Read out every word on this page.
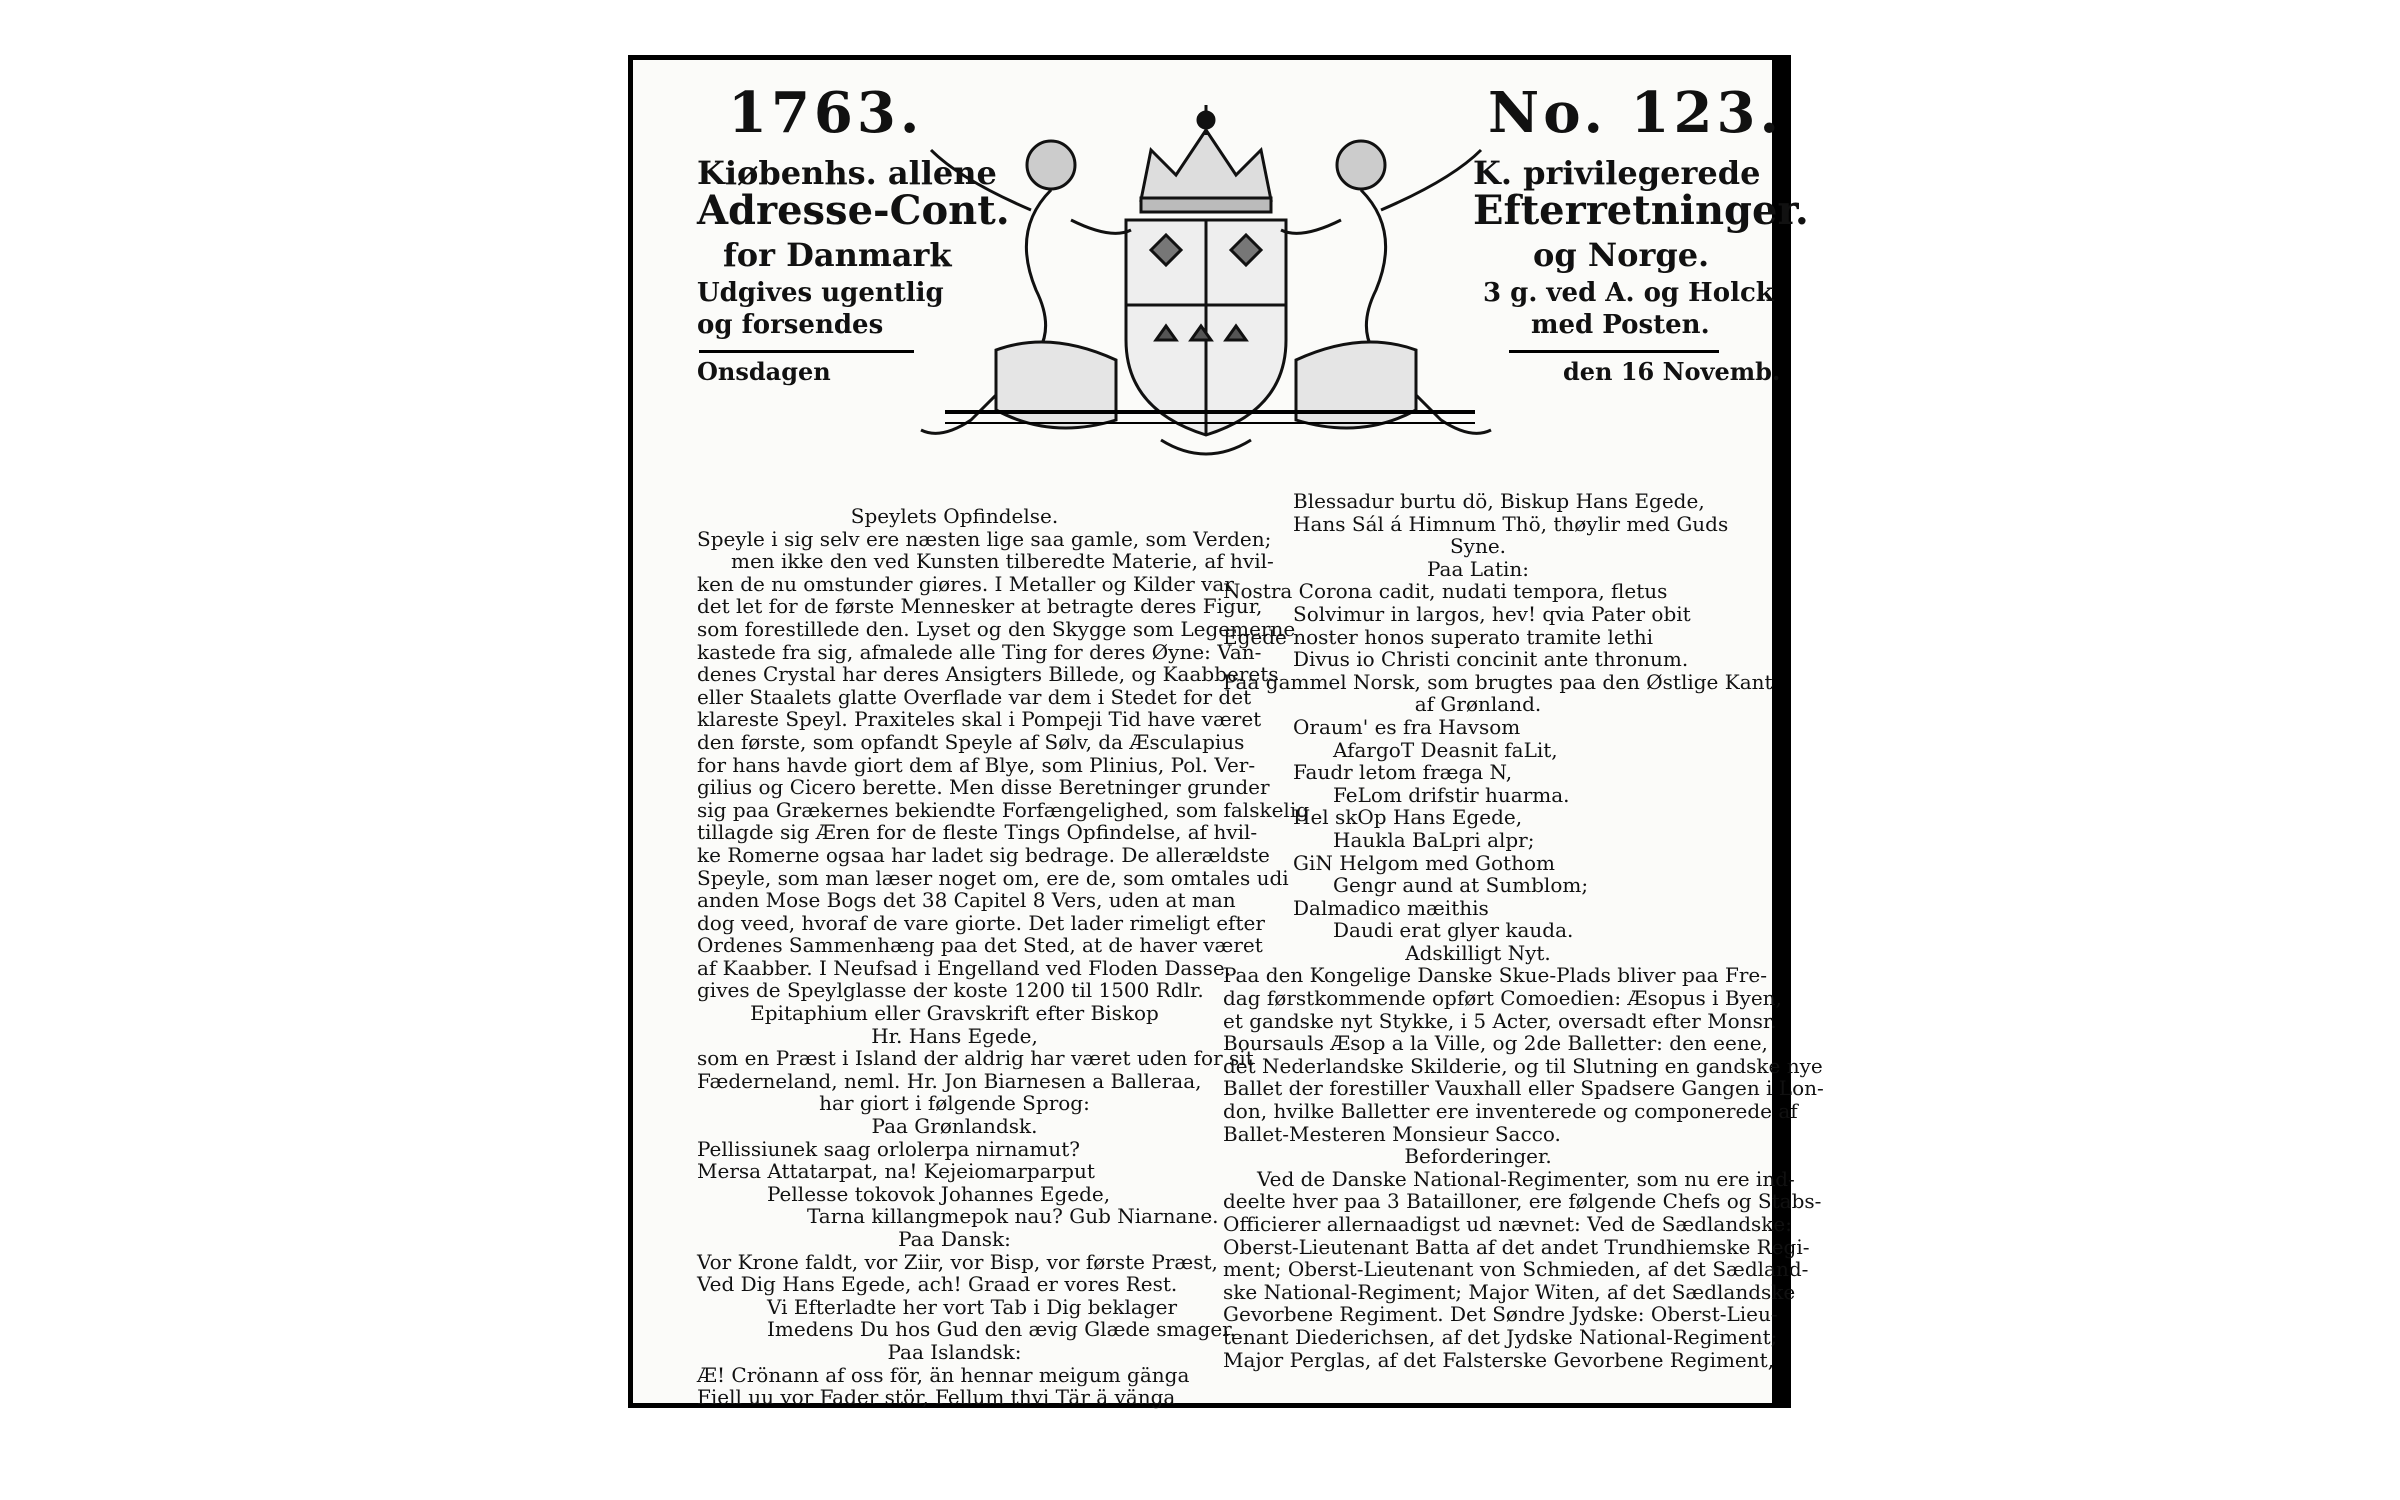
1763.	No. 123.
Kiøbenhs. allene
Adresse-Cont.
for Danmark
Udgives ugentlig
og forsendes
K. privilegerede
Efterretninger.
og Norge.
3 g. ved A. og Holck
med Posten.
Onsdagen	den 16 Novemb.

Speylets Opfindelse.

Speyle i sig selv ere næsten lige saa gamle, som Verden;

men ikke den ved Kunsten tilberedte Materie, af hvil-

ken de nu omstunder giøres. I Metaller og Kilder var

det let for de første Mennesker at betragte deres Figur,

som forestillede den. Lyset og den Skygge som Legemerne

kastede fra sig, afmalede alle Ting for deres Øyne: Van-

denes Crystal har deres Ansigters Billede, og Kaabberets

eller Staalets glatte Overflade var dem i Stedet for det

klareste Speyl. Praxiteles skal i Pompeji Tid have været

den første, som opfandt Speyle af Sølv, da Æsculapius

for hans havde giort dem af Blye, som Plinius, Pol. Ver-

gilius og Cicero berette. Men disse Beretninger grunder

sig paa Grækernes bekiendte Forfængelighed, som falskelig

tillagde sig Æren for de fleste Tings Opfindelse, af hvil-

ke Romerne ogsaa har ladet sig bedrage. De allerældste

Speyle, som man læser noget om, ere de, som omtales udi

anden Mose Bogs det 38 Capitel 8 Vers, uden at man

dog veed, hvoraf de vare giorte. Det lader rimeligt efter

Ordenes Sammenhæng paa det Sted, at de haver været

af Kaabber. I Neufsad i Engelland ved Floden Dasse,

gives de Speylglasse der koste 1200 til 1500 Rdlr.

Epitaphium eller Gravskrift efter Biskop

Hr. Hans Egede,

som en Præst i Island der aldrig har været uden for sit

Fæderneland, neml. Hr. Jon Biarnesen a Balleraa,

har giort i følgende Sprog:

Paa Grønlandsk.

Pellissiunek saag orlolerpa nirnamut?

Mersa Attatarpat, na! Kejeiomarparput

Pellesse tokovok Johannes Egede,

Tarna killangmepok nau? Gub Niarnane.

Paa Dansk:

Vor Krone faldt, vor Ziir, vor Bisp, vor første Præst,

Ved Dig Hans Egede, ach! Graad er vores Rest.

Vi Efterladte her vort Tab i Dig beklager

Imedens Du hos Gud den ævig Glæde smager.

Paa Islandsk:

Æ! Crönann af oss för, än hennar meigum gänga

Fiell uu vor Fader stör, Fellum thvi Tär ä vänga

Blessadur burtu dö, Biskup Hans Egede,

Hans Sál á Himnum Thö, thøylir med Guds

Syne.

Paa Latin:

Nostra Corona cadit, nudati tempora, fletus

Solvimur in largos, hev! qvia Pater obit

Egede noster honos superato tramite lethi

Divus io Christi concinit ante thronum.

Paa gammel Norsk, som brugtes paa den Østlige Kant

af Grønland.

Oraum' es fra Havsom

AfargoT Deasnit faLit,

Faudr letom fræga N,

FeLom drifstir huarma.

Hel skOp Hans Egede,

Haukla BaLpri alpr;

GiN Helgom med Gothom

Gengr aund at Sumblom;

Dalmadico mæithis

Daudi erat glyer kauda.

Adskilligt Nyt.

Paa den Kongelige Danske Skue-Plads bliver paa Fre-

dag førstkommende opført Comoedien: Æsopus i Byen,

et gandske nyt Stykke, i 5 Acter, oversadt efter Monsr.

Boursauls Æsop a la Ville, og 2de Balletter: den eene,

det Nederlandske Skilderie, og til Slutning en gandske nye

Ballet der forestiller Vauxhall eller Spadsere Gangen i Lon-

don, hvilke Balletter ere inventerede og componerede af

Ballet-Mesteren Monsieur Sacco.

Beforderinger.

Ved de Danske National-Regimenter, som nu ere ind-

deelte hver paa 3 Batailloner, ere følgende Chefs og Stabs-

Officierer allernaadigst ud nævnet: Ved de Sædlandske:

Oberst-Lieutenant Batta af det andet Trundhiemske Regi-

ment; Oberst-Lieutenant von Schmieden, af det Sædland-

ske National-Regiment; Major Witen, af det Sædlandske

Gevorbene Regiment. Det Søndre Jydske: Oberst-Lieu-

tenant Diederichsen, af det Jydske National-Regiment;

Major Perglas, af det Falsterske Gevorbene Regiment,
